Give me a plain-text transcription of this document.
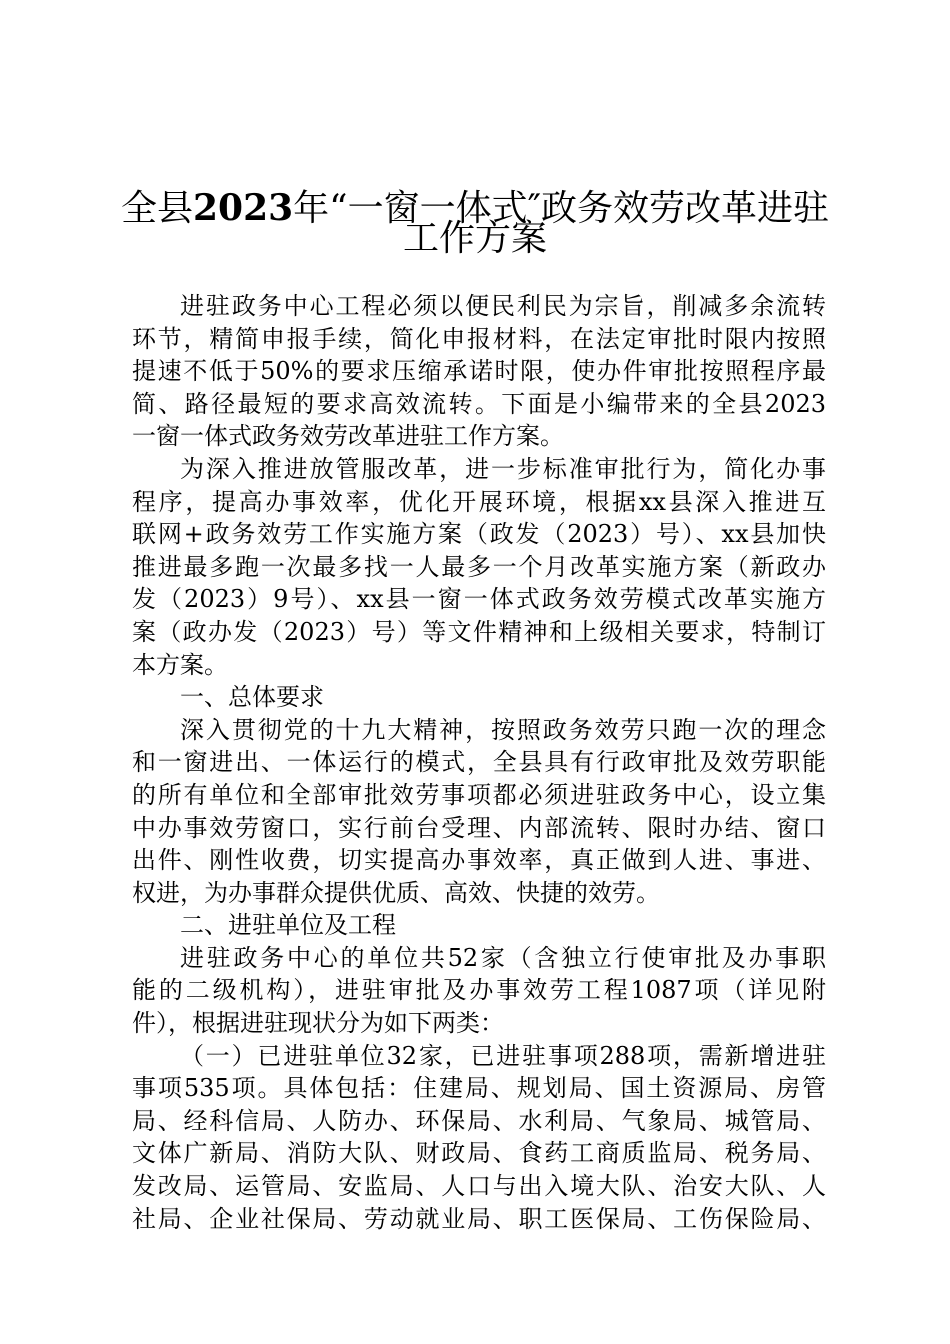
全县2023年“一窗一体式″政务效劳改革进驻
工作方案
进驻政务中心工程必须以便民利民为宗旨，削减多余流转
环节，精简申报手续，简化申报材料，在法定审批时限内按照
提速不低于50%的要求压缩承诺时限，使办件审批按照程序最
简、路径最短的要求高效流转。下面是小编带来的全县2023
一窗一体式政务效劳改革进驻工作方案。
为深入推进放管服改革，进一步标准审批行为，简化办事
程序，提高办事效率，优化开展环境，根据xx县深入推进互
联网+政务效劳工作实施方案（政发（2023）号）、xx县加快
推进最多跑一次最多找一人最多一个月改革实施方案（新政办
发（2023）9号）、xx县一窗一体式政务效劳模式改革实施方
案（政办发（2023）号）等文件精神和上级相关要求，特制订
本方案。
一、总体要求
深入贯彻党的十九大精神，按照政务效劳只跑一次的理念
和一窗进出、一体运行的模式，全县具有行政审批及效劳职能
的所有单位和全部审批效劳事项都必须进驻政务中心，设立集
中办事效劳窗口，实行前台受理、内部流转、限时办结、窗口
出件、刚性收费，切实提高办事效率，真正做到人进、事进、
权进，为办事群众提供优质、高效、快捷的效劳。
二、进驻单位及工程
进驻政务中心的单位共52家（含独立行使审批及办事职
能的二级机构），进驻审批及办事效劳工程1087项（详见附
件），根据进驻现状分为如下两类：
（一）已进驻单位32家，已进驻事项288项，需新增进驻
事项535项。具体包括：住建局、规划局、国土资源局、房管
局、经科信局、人防办、环保局、水利局、气象局、城管局、
文体广新局、消防大队、财政局、食药工商质监局、税务局、
发改局、运管局、安监局、人口与出入境大队、治安大队、人
社局、企业社保局、劳动就业局、职工医保局、工伤保险局、
